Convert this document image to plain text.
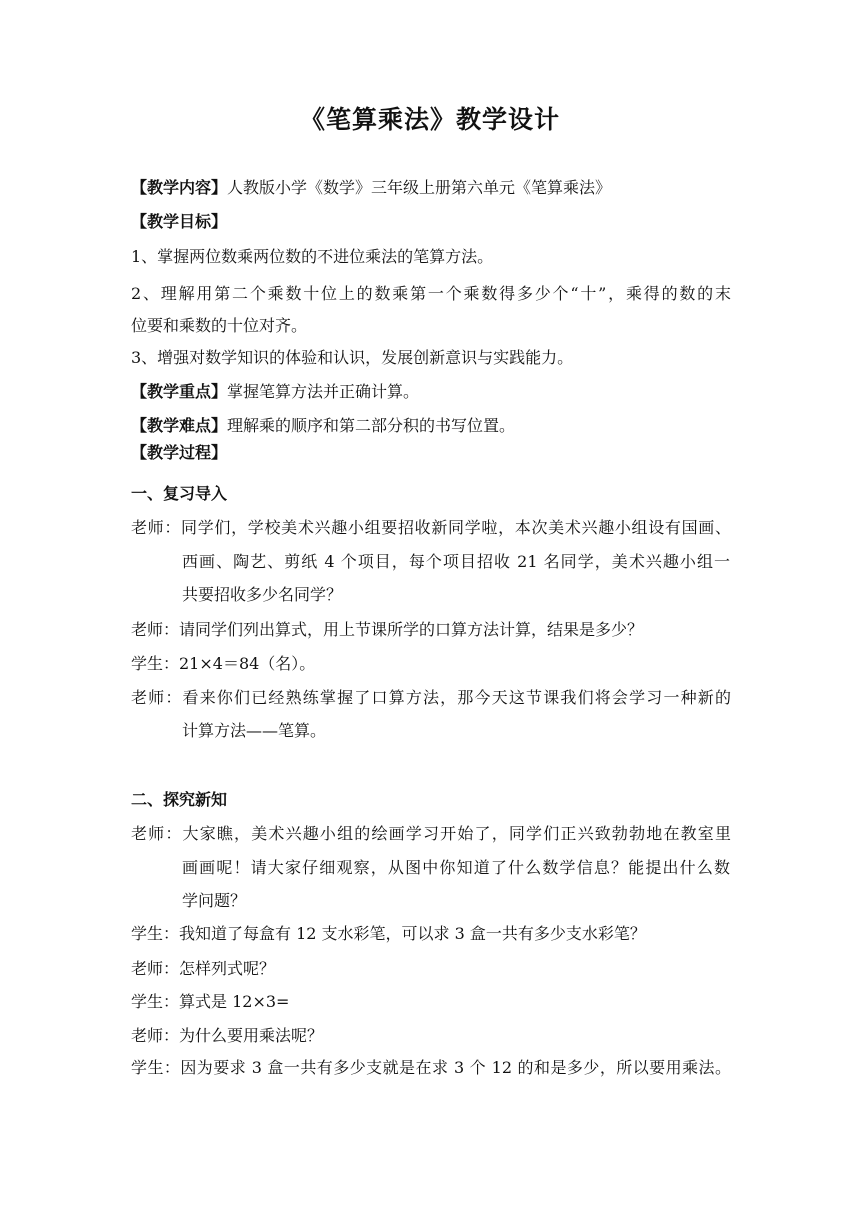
《笔算乘法》教学设计
【教学内容】人教版小学《数学》三年级上册第六单元《笔算乘法》
【教学目标】
1、掌握两位数乘两位数的不进位乘法的笔算方法。
2、理解用第二个乘数十位上的数乘第一个乘数得多少个“十”，乘得的数的末
位要和乘数的十位对齐。
3、增强对数学知识的体验和认识，发展创新意识与实践能力。
【教学重点】掌握笔算方法并正确计算。
【教学难点】理解乘的顺序和第二部分积的书写位置。
【教学过程】
一、复习导入
老师：同学们，学校美术兴趣小组要招收新同学啦，本次美术兴趣小组设有国画、
西画、陶艺、剪纸 4 个项目，每个项目招收 21 名同学，美术兴趣小组一
共要招收多少名同学？
老师：请同学们列出算式，用上节课所学的口算方法计算，结果是多少？
学生：21×4＝84（名）。
老师：看来你们已经熟练掌握了口算方法，那今天这节课我们将会学习一种新的
计算方法——笔算。
二、探究新知
老师：大家瞧，美术兴趣小组的绘画学习开始了，同学们正兴致勃勃地在教室里
画画呢！请大家仔细观察，从图中你知道了什么数学信息？能提出什么数
学问题？
学生：我知道了每盒有 12 支水彩笔，可以求 3 盒一共有多少支水彩笔？
老师：怎样列式呢？
学生：算式是 12×3=
老师：为什么要用乘法呢？
学生：因为要求 3 盒一共有多少支就是在求 3 个 12 的和是多少，所以要用乘法。
